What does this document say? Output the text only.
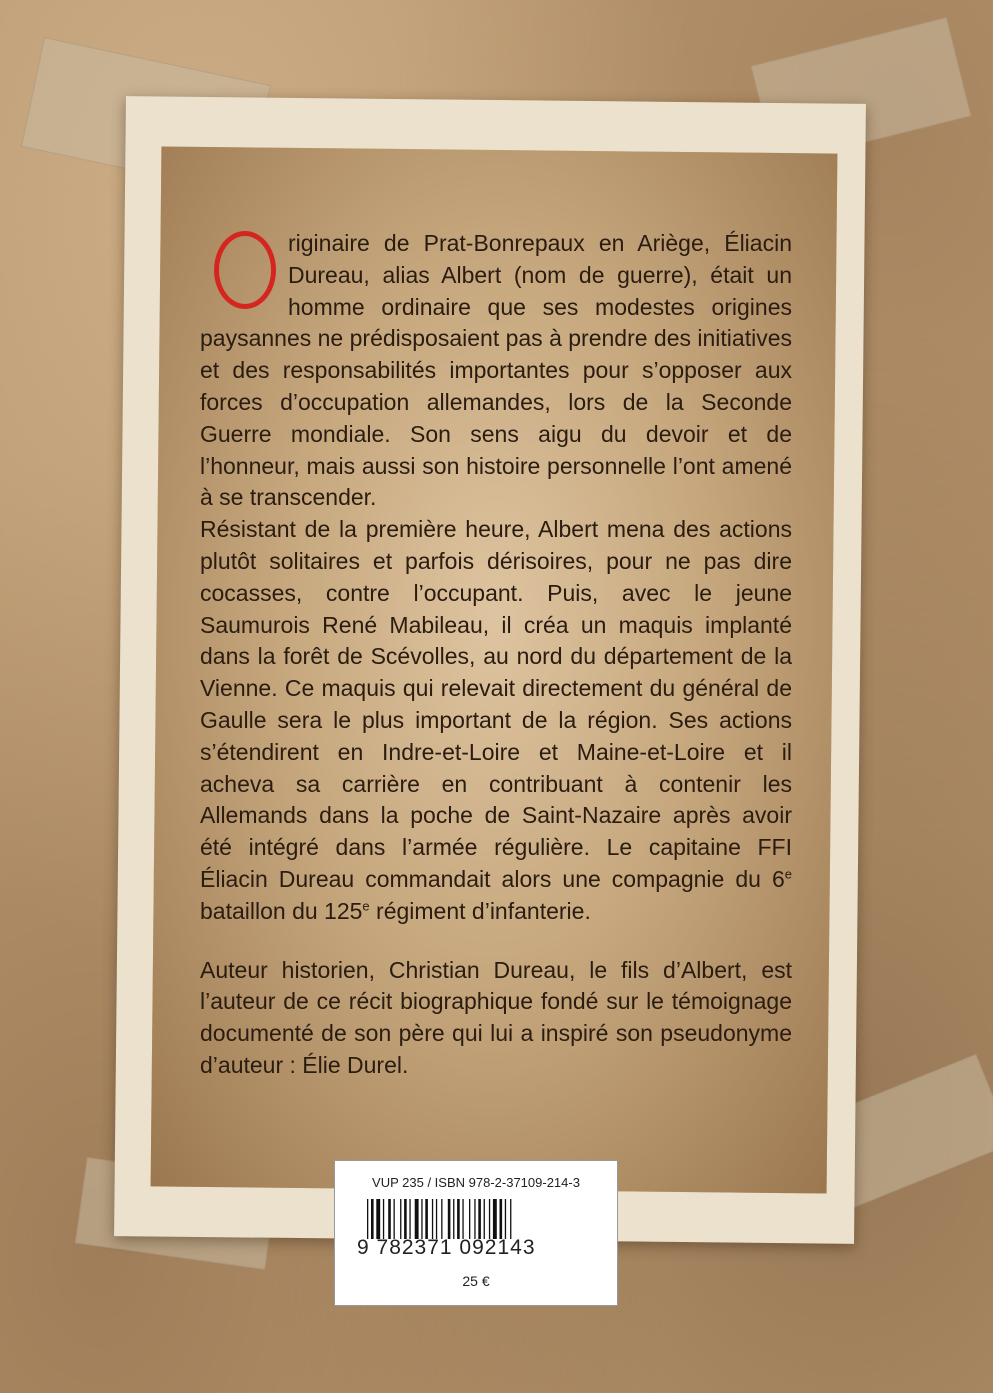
riginaire de Prat-Bonrepaux en Ariège, Éliacin Dureau, alias Albert (nom de guerre), était un homme ordinaire que ses modestes origines paysannes ne prédisposaient pas à prendre des initiatives et des responsabilités importantes pour s’opposer aux forces d’occupation allemandes, lors de la Seconde Guerre mondiale. Son sens aigu du devoir et de l’honneur, mais aussi son histoire personnelle l’ont amené à se transcender.

Résistant de la première heure, Albert mena des actions plutôt solitaires et parfois dérisoires, pour ne pas dire cocasses, contre l’occupant. Puis, avec le jeune Saumurois René Mabileau, il créa un maquis implanté dans la forêt de Scévolles, au nord du département de la Vienne. Ce maquis qui relevait directement du général de Gaulle sera le plus important de la région. Ses actions s’étendirent en Indre-et-Loire et Maine-et-Loire et il acheva sa carrière en contribuant à contenir les Allemands dans la poche de Saint-Nazaire après avoir été intégré dans l’armée régulière. Le capitaine FFI Éliacin Dureau commandait alors une compagnie du 6e bataillon du 125e régiment d’infanterie.

Auteur historien, Christian Dureau, le fils d’Albert, est l’auteur de ce récit biographique fondé sur le témoignage documenté de son père qui lui a inspiré son pseudonyme d’auteur : Élie Durel.

VUP 235 / ISBN 978-2-37109-214-3
9 782371 092143
25 €
